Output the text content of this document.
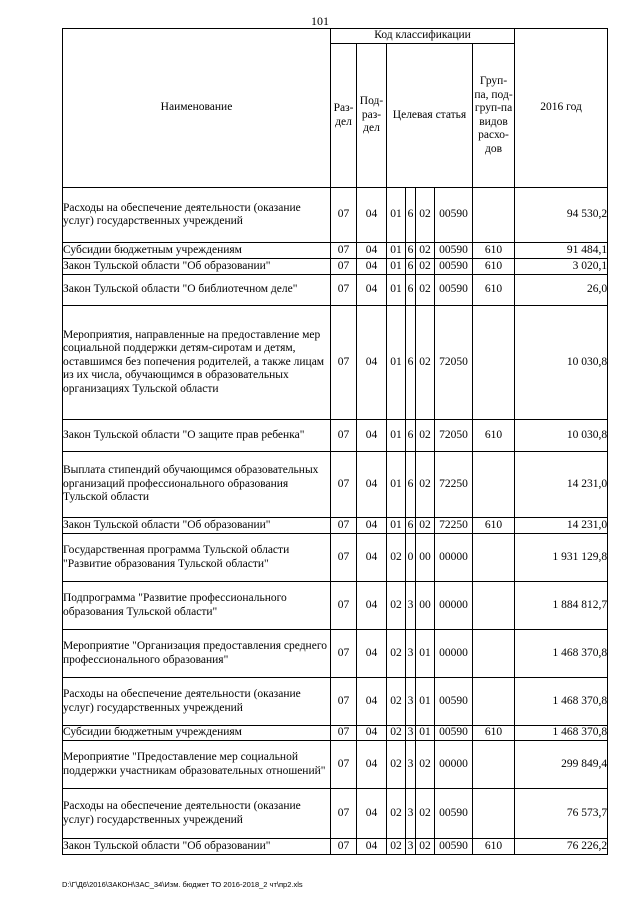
101
Наименование	Код классификации							2016 год
	Раз-дел	Под-раз-дел	Целевая статья				Груп-па, под-груп-па видов расхо-дов	
Расходы на обеспечение деятельности (оказание услуг) государственных учреждений	07	04	01	6	02	00590		94 530,2
Субсидии бюджетным учреждениям	07	04	01	6	02	00590	610	91 484,1
Закон Тульской области "Об образовании"	07	04	01	6	02	00590	610	3 020,1
Закон Тульской области "О библиотечном деле"	07	04	01	6	02	00590	610	26,0
Мероприятия, направленные на предоставление мер социальной поддержки детям-сиротам и детям, оставшимся без попечения родителей, а также лицам из их числа, обучающимся в образовательных организациях Тульской области	07	04	01	6	02	72050		10 030,8
Закон Тульской области "О защите прав ребенка"	07	04	01	6	02	72050	610	10 030,8
Выплата стипендий обучающимся образовательных организаций профессионального образования Тульской области	07	04	01	6	02	72250		14 231,0
Закон Тульской области "Об образовании"	07	04	01	6	02	72250	610	14 231,0
Государственная программа Тульской области "Развитие образования Тульской области"	07	04	02	0	00	00000		1 931 129,8
Подпрограмма "Развитие профессионального образования Тульской области"	07	04	02	3	00	00000		1 884 812,7
Мероприятие "Организация предоставления среднего профессионального образования"	07	04	02	3	01	00000		1 468 370,8
Расходы на обеспечение деятельности (оказание услуг) государственных учреждений	07	04	02	3	01	00590		1 468 370,8
Субсидии бюджетным учреждениям	07	04	02	3	01	00590	610	1 468 370,8
Мероприятие "Предоставление мер социальной поддержки участникам образовательных отношений"	07	04	02	3	02	00000		299 849,4
Расходы на обеспечение деятельности (оказание услуг) государственных учреждений	07	04	02	3	02	00590		76 573,7
Закон Тульской области "Об образовании"	07	04	02	3	02	00590	610	76 226,2
D:\Г\Д6\2016\ЗАКОН\ЗАС_34\Изм. бюджет ТО 2016-2018_2 чт\пр2.xls
